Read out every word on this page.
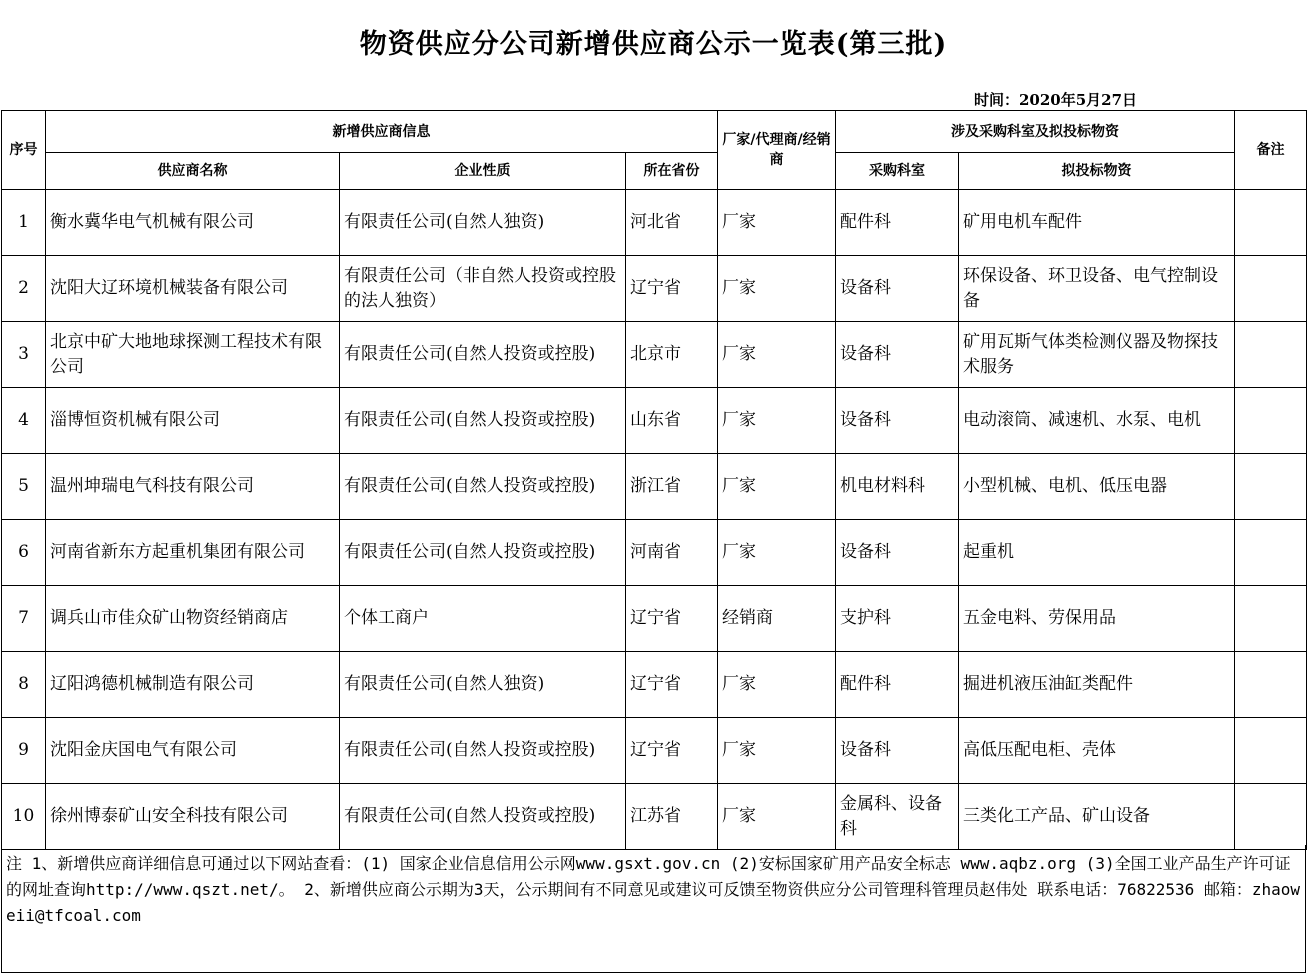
物资供应分公司新增供应商公示一览表(第三批)
时间：2020年5月27日
序号	新增供应商信息			厂家/代理商/经销商	涉及采购科室及拟投标物资		备注
	供应商名称	企业性质	所在省份		采购科室	拟投标物资	
1	衡水冀华电气机械有限公司	有限责任公司(自然人独资)	河北省	厂家	配件科	矿用电机车配件	
2	沈阳大辽环境机械装备有限公司	有限责任公司（非自然人投资或控股的法人独资）	辽宁省	厂家	设备科	环保设备、环卫设备、电气控制设备	
3	北京中矿大地地球探测工程技术有限公司	有限责任公司(自然人投资或控股)	北京市	厂家	设备科	矿用瓦斯气体类检测仪器及物探技术服务	
4	淄博恒资机械有限公司	有限责任公司(自然人投资或控股)	山东省	厂家	设备科	电动滚筒、减速机、水泵、电机	
5	温州坤瑞电气科技有限公司	有限责任公司(自然人投资或控股)	浙江省	厂家	机电材料科	小型机械、电机、低压电器	
6	河南省新东方起重机集团有限公司	有限责任公司(自然人投资或控股)	河南省	厂家	设备科	起重机	
7	调兵山市佳众矿山物资经销商店	个体工商户	辽宁省	经销商	支护科	五金电料、劳保用品	
8	辽阳鸿德机械制造有限公司	有限责任公司(自然人独资)	辽宁省	厂家	配件科	掘进机液压油缸类配件	
9	沈阳金庆国电气有限公司	有限责任公司(自然人投资或控股)	辽宁省	厂家	设备科	高低压配电柜、壳体	
10	徐州博泰矿山安全科技有限公司	有限责任公司(自然人投资或控股)	江苏省	厂家	金属科、设备科	三类化工产品、矿山设备	
注 1、新增供应商详细信息可通过以下网站查看：(1) 国家企业信息信用公示网www.gsxt.gov.cn (2)安标国家矿用产品安全标志 www.aqbz.org (3)全国工业产品生产许可证的网址查询http://www.qszt.net/。 2、新增供应商公示期为3天，公示期间有不同意见或建议可反馈至物资供应分公司管理科管理员赵伟处 联系电话：76822536 邮箱：zhaoweii@tfcoal.com
